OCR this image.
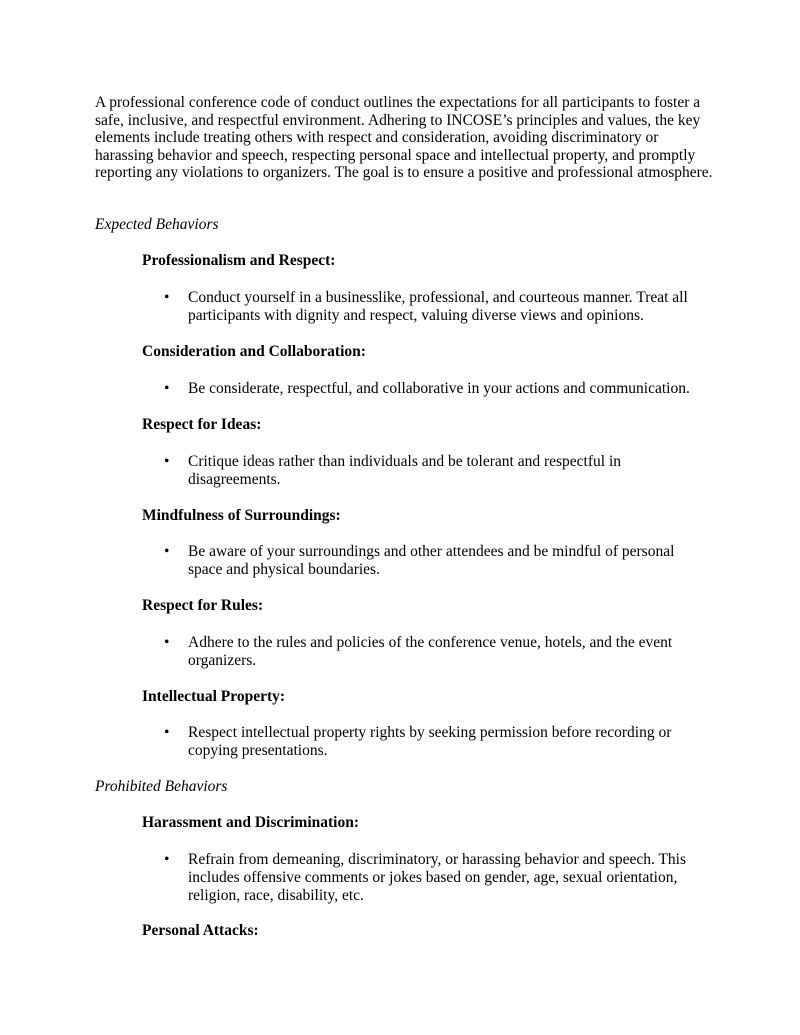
A professional conference code of conduct outlines the expectations for all participants to foster a safe, inclusive, and respectful environment. Adhering to INCOSE’s principles and values, the key elements include treating others with respect and consideration, avoiding discriminatory or harassing behavior and speech, respecting personal space and intellectual property, and promptly reporting any violations to organizers. The goal is to ensure a positive and professional atmosphere.
Expected Behaviors
Professionalism and Respect:
• Conduct yourself in a businesslike, professional, and courteous manner. Treat all participants with dignity and respect, valuing diverse views and opinions.
Consideration and Collaboration:
• Be considerate, respectful, and collaborative in your actions and communication.
Respect for Ideas:
• Critique ideas rather than individuals and be tolerant and respectful in disagreements.
Mindfulness of Surroundings:
• Be aware of your surroundings and other attendees and be mindful of personal space and physical boundaries.
Respect for Rules:
• Adhere to the rules and policies of the conference venue, hotels, and the event organizers.
Intellectual Property:
• Respect intellectual property rights by seeking permission before recording or copying presentations.
Prohibited Behaviors
Harassment and Discrimination:
• Refrain from demeaning, discriminatory, or harassing behavior and speech. This includes offensive comments or jokes based on gender, age, sexual orientation, religion, race, disability, etc.
Personal Attacks:
